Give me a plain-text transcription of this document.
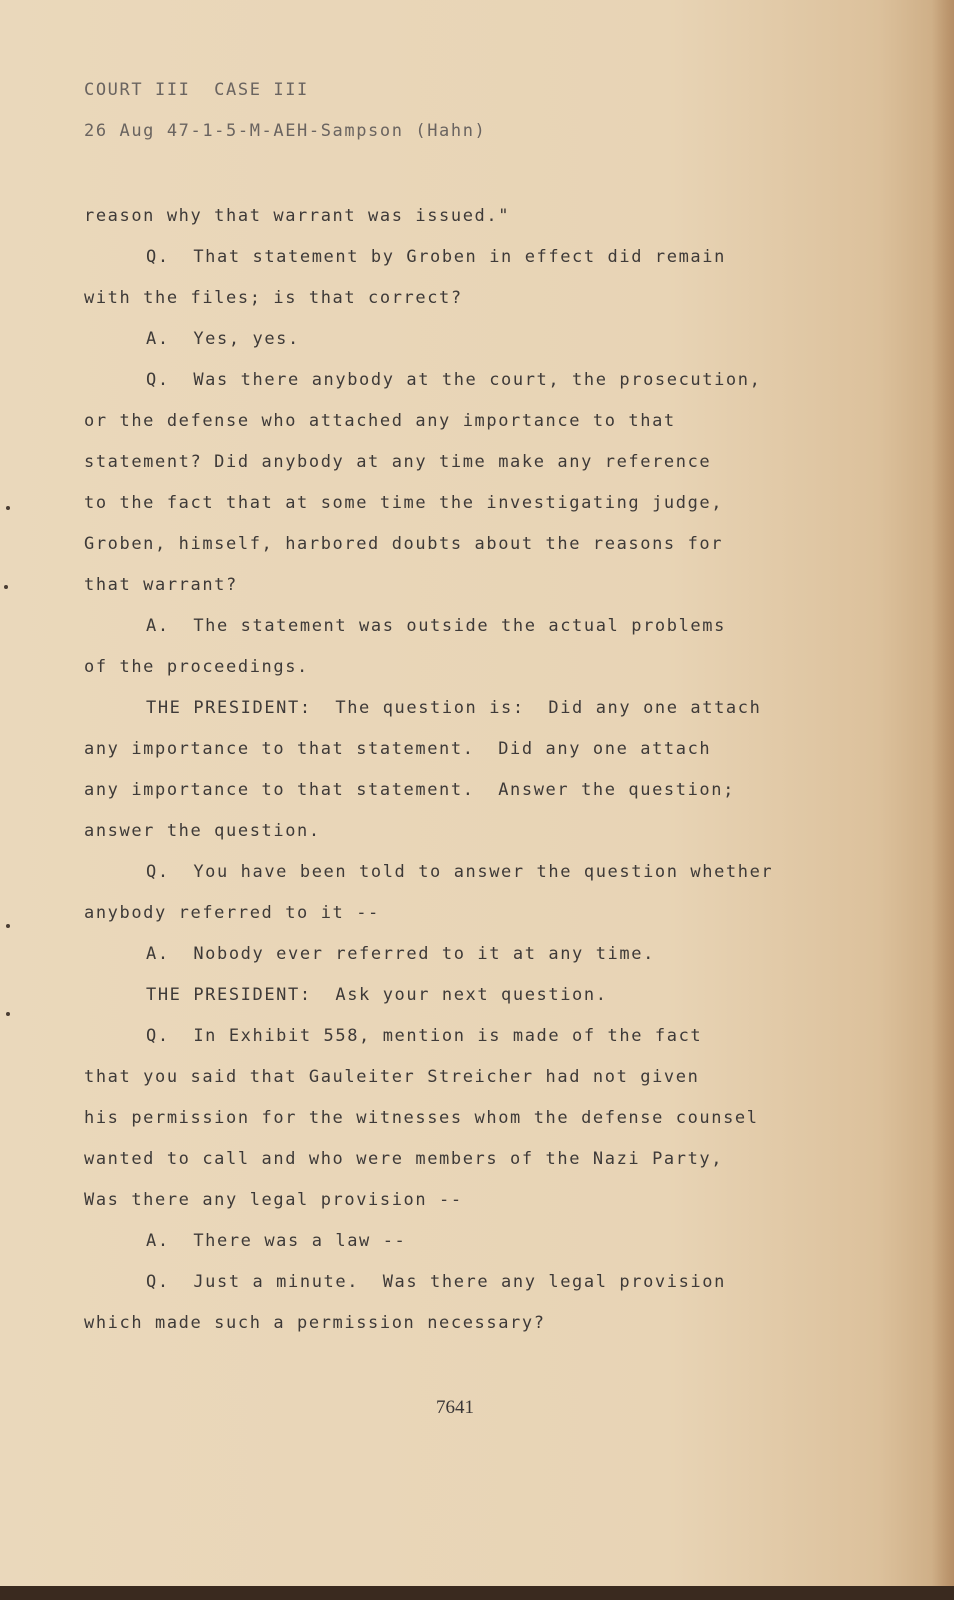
COURT III  CASE III
26 Aug 47-1-5-M-AEH-Sampson (Hahn)
reason why that warrant was issued."
Q.  That statement by Groben in effect did remain
with the files; is that correct?
A.  Yes, yes.
Q.  Was there anybody at the court, the prosecution,
or the defense who attached any importance to that
statement? Did anybody at any time make any reference
to the fact that at some time the investigating judge,
Groben, himself, harbored doubts about the reasons for
that warrant?
A.  The statement was outside the actual problems
of the proceedings.
THE PRESIDENT:  The question is:  Did any one attach
any importance to that statement.  Did any one attach
any importance to that statement.  Answer the question;
answer the question.
Q.  You have been told to answer the question whether
anybody referred to it --
A.  Nobody ever referred to it at any time.
THE PRESIDENT:  Ask your next question.
Q.  In Exhibit 558, mention is made of the fact
that you said that Gauleiter Streicher had not given
his permission for the witnesses whom the defense counsel
wanted to call and who were members of the Nazi Party,
Was there any legal provision --
A.  There was a law --
Q.  Just a minute.  Was there any legal provision
which made such a permission necessary?
7641
